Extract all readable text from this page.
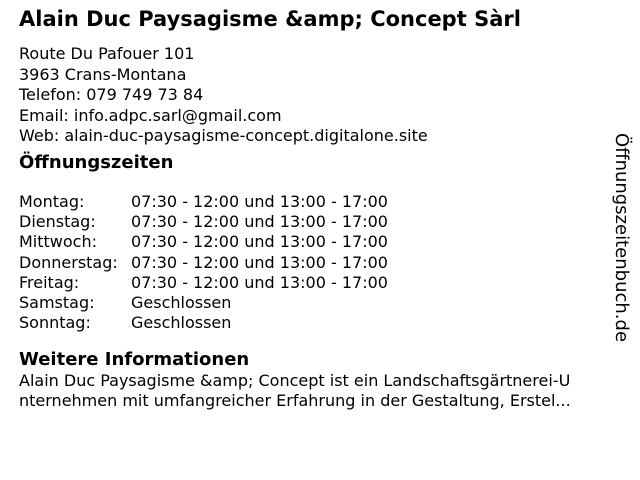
Alain Duc Paysagisme &amp; Concept Sàrl
Route Du Pafouer 101
3963 Crans-Montana
Telefon: 079 749 73 84
Email: info.adpc.sarl@gmail.com
Web: alain-duc-paysagisme-concept.digitalone.site
Öffnungszeiten
Montag:	07:30 - 12:00 und 13:00 - 17:00
Dienstag:	07:30 - 12:00 und 13:00 - 17:00
Mittwoch:	07:30 - 12:00 und 13:00 - 17:00
Donnerstag: 07:30 - 12:00 und 13:00 - 17:00
Freitag:	07:30 - 12:00 und 13:00 - 17:00
Samstag:	Geschlossen
Sonntag:	Geschlossen
Weitere Informationen
Alain Duc Paysagisme &amp; Concept ist ein Landschaftsgärtnerei-U
nternehmen mit umfangreicher Erfahrung in der Gestaltung, Erstel...
Öffnungszeitenbuch.de
